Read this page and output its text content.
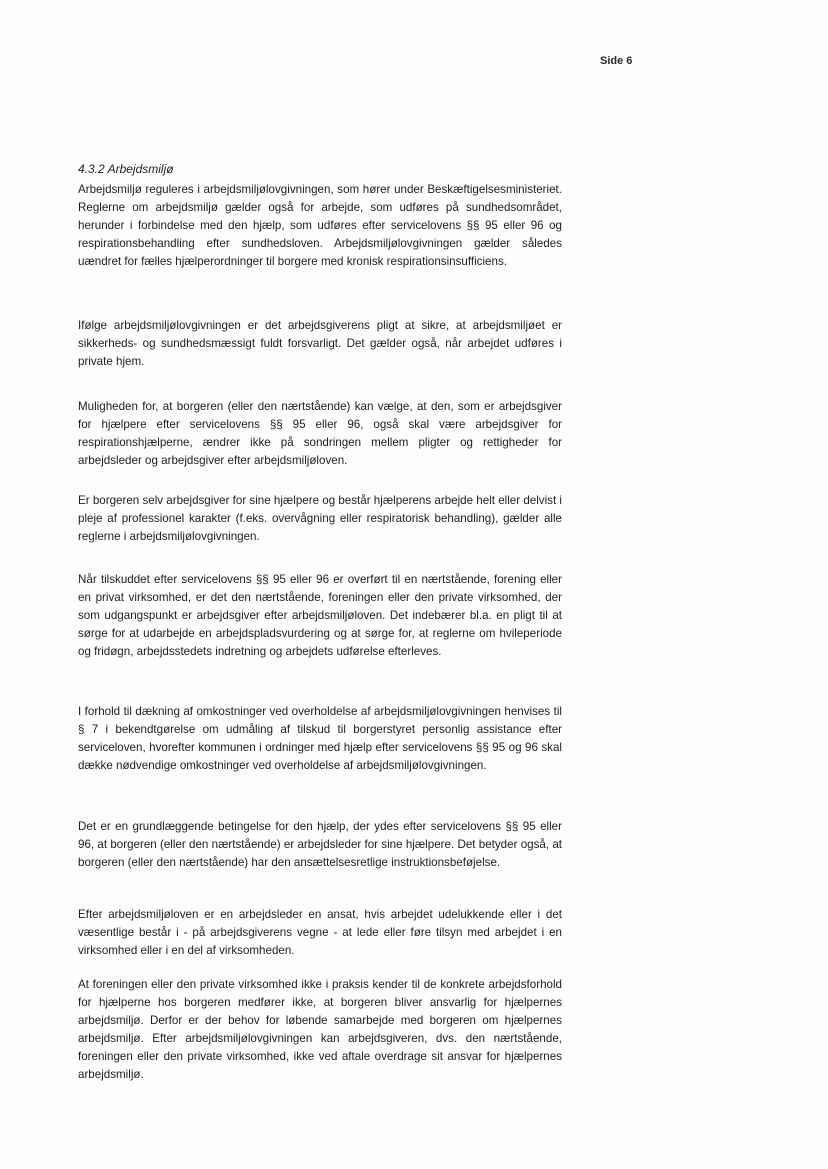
Side 6
4.3.2 Arbejdsmiljø

Arbejdsmiljø reguleres i arbejdsmiljølovgivningen, som hører under Beskæftigelsesministeriet. Reglerne om arbejdsmiljø gælder også for arbejde, som udføres på sundhedsområdet, herunder i forbindelse med den hjælp, som udføres efter servicelovens §§ 95 eller 96 og respirationsbehandling efter sundhedsloven. Arbejdsmiljølovgivningen gælder således uændret for fælles hjælperordninger til borgere med kronisk respirationsinsufficiens.

Ifølge arbejdsmiljølovgivningen er det arbejdsgiverens pligt at sikre, at arbejdsmiljøet er sikkerheds- og sundhedsmæssigt fuldt forsvarligt. Det gælder også, når arbejdet udføres i private hjem.

Muligheden for, at borgeren (eller den nærtstående) kan vælge, at den, som er arbejdsgiver for hjælpere efter servicelovens §§ 95 eller 96, også skal være arbejdsgiver for respirationshjælperne, ændrer ikke på sondringen mellem pligter og rettigheder for arbejdsleder og arbejdsgiver efter arbejdsmiljøloven.

Er borgeren selv arbejdsgiver for sine hjælpere og består hjælperens arbejde helt eller delvist i pleje af professionel karakter (f.eks. overvågning eller respiratorisk behandling), gælder alle reglerne i arbejdsmiljølovgivningen.

Når tilskuddet efter servicelovens §§ 95 eller 96 er overført til en nærtstående, forening eller en privat virksomhed, er det den nærtstående, foreningen eller den private virksomhed, der som udgangspunkt er arbejdsgiver efter arbejdsmiljøloven. Det indebærer bl.a. en pligt til at sørge for at udarbejde en arbejdspladsvurdering og at sørge for, at reglerne om hvileperiode og fridøgn, arbejdsstedets indretning og arbejdets udførelse efterleves.

I forhold til dækning af omkostninger ved overholdelse af arbejdsmiljølovgivningen henvises til § 7 i bekendtgørelse om udmåling af tilskud til borgerstyret personlig assistance efter serviceloven, hvorefter kommunen i ordninger med hjælp efter servicelovens §§ 95 og 96 skal dække nødvendige omkostninger ved overholdelse af arbejdsmiljølovgivningen.

Det er en grundlæggende betingelse for den hjælp, der ydes efter servicelovens §§ 95 eller 96, at borgeren (eller den nærtstående) er arbejdsleder for sine hjælpere. Det betyder også, at borgeren (eller den nærtstående) har den ansættelsesretlige instruktionsbeføjelse.

Efter arbejdsmiljøloven er en arbejdsleder en ansat, hvis arbejdet udelukkende eller i det væsentlige består i - på arbejdsgiverens vegne - at lede eller føre tilsyn med arbejdet i en virksomhed eller i en del af virksomheden.

At foreningen eller den private virksomhed ikke i praksis kender til de konkrete arbejdsforhold for hjælperne hos borgeren medfører ikke, at borgeren bliver ansvarlig for hjælpernes arbejdsmiljø. Derfor er der behov for løbende samarbejde med borgeren om hjælpernes arbejdsmiljø. Efter arbejdsmiljølovgivningen kan arbejdsgiveren, dvs. den nærtstående, foreningen eller den private virksomhed, ikke ved aftale overdrage sit ansvar for hjælpernes arbejdsmiljø.
